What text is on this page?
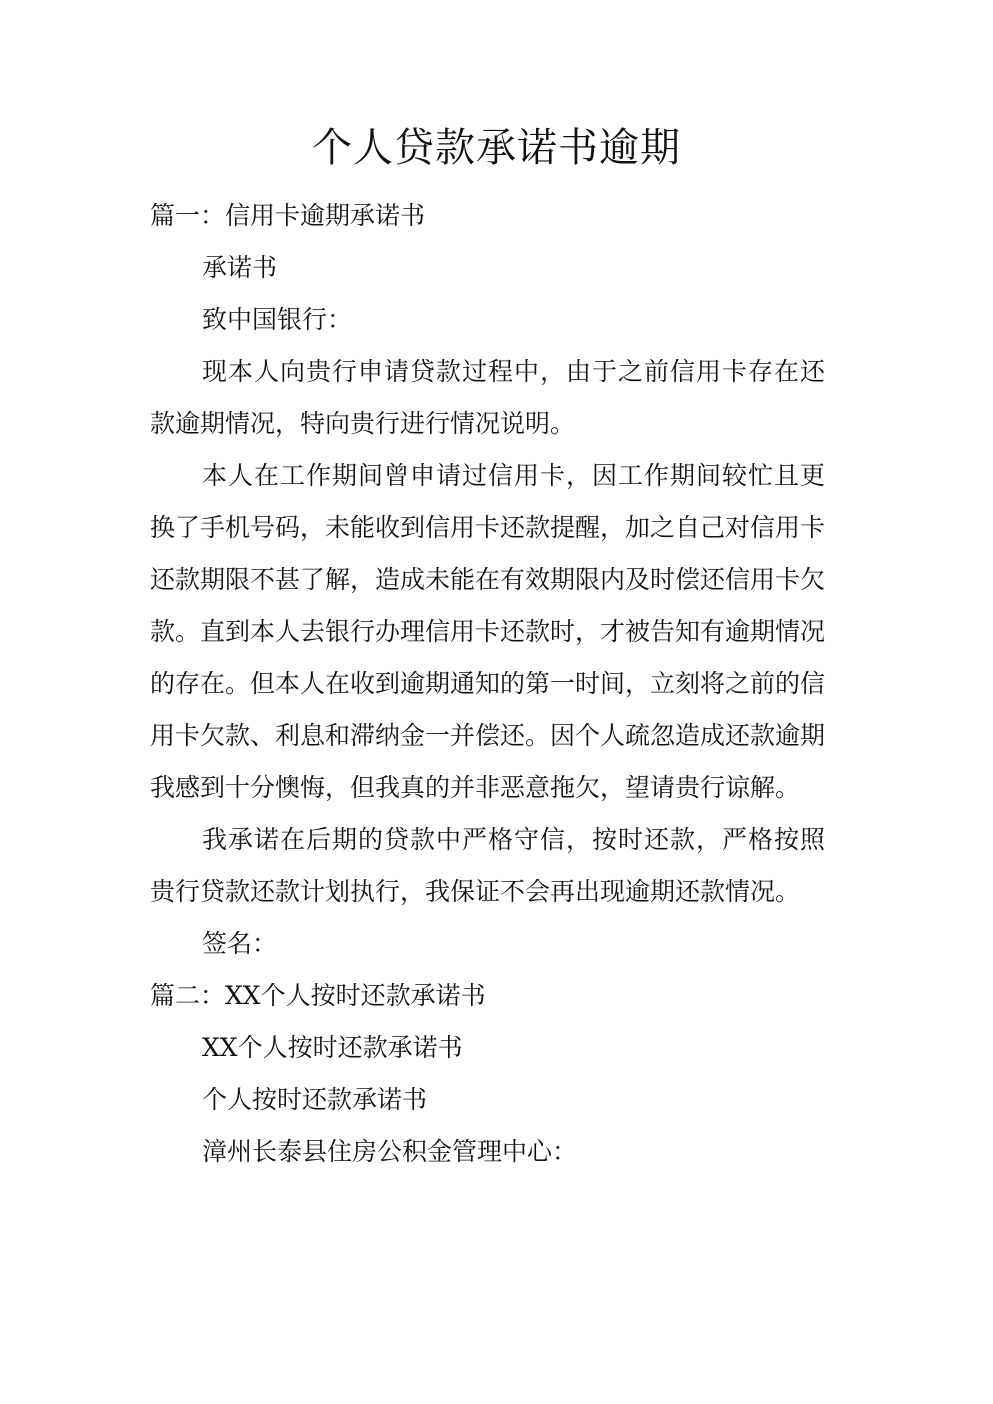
个人贷款承诺书逾期

篇一：信用卡逾期承诺书

承诺书

致中国银行：

现本人向贵行申请贷款过程中，由于之前信用卡存在还款逾期情况，特向贵行进行情况说明。

本人在工作期间曾申请过信用卡，因工作期间较忙且更换了手机号码，未能收到信用卡还款提醒，加之自己对信用卡还款期限不甚了解，造成未能在有效期限内及时偿还信用卡欠款。直到本人去银行办理信用卡还款时，才被告知有逾期情况的存在。但本人在收到逾期通知的第一时间，立刻将之前的信用卡欠款、利息和滞纳金一并偿还。因个人疏忽造成还款逾期我感到十分懊悔，但我真的并非恶意拖欠，望请贵行谅解。

我承诺在后期的贷款中严格守信，按时还款，严格按照贵行贷款还款计划执行，我保证不会再出现逾期还款情况。

签名：

篇二：XX个人按时还款承诺书

XX个人按时还款承诺书

个人按时还款承诺书

漳州长泰县住房公积金管理中心：
